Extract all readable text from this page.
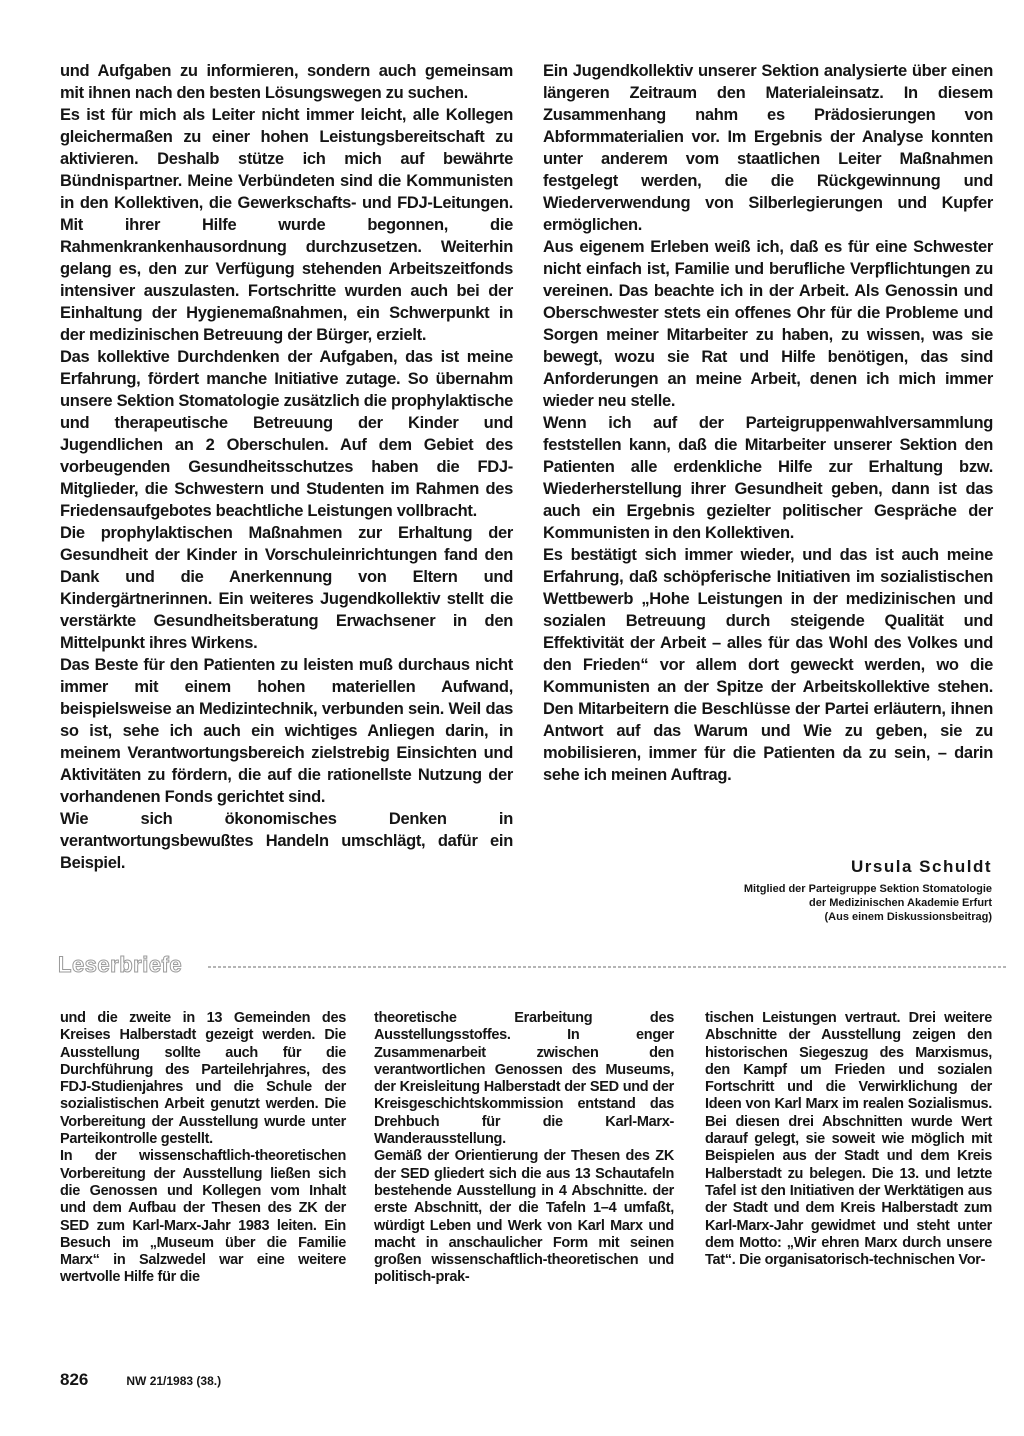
und Aufgaben zu informieren, sondern auch gemeinsam mit ihnen nach den besten Lösungswegen zu suchen.

Es ist für mich als Leiter nicht immer leicht, alle Kollegen gleichermaßen zu einer hohen Leistungsbereitschaft zu aktivieren. Deshalb stütze ich mich auf bewährte Bündnispartner. Meine Verbündeten sind die Kommunisten in den Kollektiven, die Gewerkschafts- und FDJ-Leitungen. Mit ihrer Hilfe wurde begonnen, die Rahmenkrankenhausordnung durchzusetzen. Weiterhin gelang es, den zur Verfügung stehenden Arbeitszeitfonds intensiver auszulasten. Fortschritte wurden auch bei der Einhaltung der Hygienemaßnahmen, ein Schwerpunkt in der medizinischen Betreuung der Bürger, erzielt.

Das kollektive Durchdenken der Aufgaben, das ist meine Erfahrung, fördert manche Initiative zutage. So übernahm unsere Sektion Stomatologie zusätzlich die prophylaktische und therapeutische Betreuung der Kinder und Jugendlichen an 2 Oberschulen. Auf dem Gebiet des vorbeugenden Gesundheitsschutzes haben die FDJ-Mitglieder, die Schwestern und Studenten im Rahmen des Friedensaufgebotes beachtliche Leistungen vollbracht.

Die prophylaktischen Maßnahmen zur Erhaltung der Gesundheit der Kinder in Vorschuleinrichtungen fand den Dank und die Anerkennung von Eltern und Kindergärtnerinnen. Ein weiteres Jugendkollektiv stellt die verstärkte Gesundheitsberatung Erwachsener in den Mittelpunkt ihres Wirkens.

Das Beste für den Patienten zu leisten muß durchaus nicht immer mit einem hohen materiellen Aufwand, beispielsweise an Medizintechnik, verbunden sein. Weil das so ist, sehe ich auch ein wichtiges Anliegen darin, in meinem Verantwortungsbereich zielstrebig Einsichten und Aktivitäten zu fördern, die auf die rationellste Nutzung der vorhandenen Fonds gerichtet sind.

Wie sich ökonomisches Denken in verantwortungsbewußtes Handeln umschlägt, dafür ein Beispiel.

Ein Jugendkollektiv unserer Sektion analysierte über einen längeren Zeitraum den Materialeinsatz. In diesem Zusammenhang nahm es Prädosierungen von Abformmaterialien vor. Im Ergebnis der Analyse konnten unter anderem vom staatlichen Leiter Maßnahmen festgelegt werden, die die Rückgewinnung und Wiederverwendung von Silberlegierungen und Kupfer ermöglichen.

Aus eigenem Erleben weiß ich, daß es für eine Schwester nicht einfach ist, Familie und berufliche Verpflichtungen zu vereinen. Das beachte ich in der Arbeit. Als Genossin und Oberschwester stets ein offenes Ohr für die Probleme und Sorgen meiner Mitarbeiter zu haben, zu wissen, was sie bewegt, wozu sie Rat und Hilfe benötigen, das sind Anforderungen an meine Arbeit, denen ich mich immer wieder neu stelle.

Wenn ich auf der Parteigruppenwahlversammlung feststellen kann, daß die Mitarbeiter unserer Sektion den Patienten alle erdenkliche Hilfe zur Erhaltung bzw. Wiederherstellung ihrer Gesundheit geben, dann ist das auch ein Ergebnis gezielter politischer Gespräche der Kommunisten in den Kollektiven.

Es bestätigt sich immer wieder, und das ist auch meine Erfahrung, daß schöpferische Initiativen im sozialistischen Wettbewerb „Hohe Leistungen in der medizinischen und sozialen Betreuung durch steigende Qualität und Effektivität der Arbeit – alles für das Wohl des Volkes und den Frieden“ vor allem dort geweckt werden, wo die Kommunisten an der Spitze der Arbeitskollektive stehen. Den Mitarbeitern die Beschlüsse der Partei erläutern, ihnen Antwort auf das Warum und Wie zu geben, sie zu mobilisieren, immer für die Patienten da zu sein, – darin sehe ich meinen Auftrag.

Ursula Schuldt
Mitglied der Parteigruppe Sektion Stomatologie
der Medizinischen Akademie Erfurt
(Aus einem Diskussionsbeitrag)
Leserbriefe

und die zweite in 13 Gemeinden des Kreises Halberstadt gezeigt werden. Die Ausstellung sollte auch für die Durchführung des Parteilehrjahres, des FDJ-Studienjahres und die Schule der sozialistischen Arbeit genutzt werden. Die Vorbereitung der Ausstellung wurde unter Parteikontrolle gestellt.

In der wissenschaftlich-theoretischen Vorbereitung der Ausstellung ließen sich die Genossen und Kollegen vom Inhalt und dem Aufbau der Thesen des ZK der SED zum Karl-Marx-Jahr 1983 leiten. Ein Besuch im „Museum über die Familie Marx“ in Salzwedel war eine weitere wertvolle Hilfe für die

theoretische Erarbeitung des Ausstellungsstoffes. In enger Zusammenarbeit zwischen den verantwortlichen Genossen des Museums, der Kreisleitung Halberstadt der SED und der Kreisgeschichtskommission entstand das Drehbuch für die Karl-Marx-Wanderausstellung.

Gemäß der Orientierung der Thesen des ZK der SED gliedert sich die aus 13 Schautafeln bestehende Ausstellung in 4 Abschnitte. der erste Abschnitt, der die Tafeln 1–4 umfaßt, würdigt Leben und Werk von Karl Marx und macht in anschaulicher Form mit seinen großen wissenschaftlich-theoretischen und politisch-prak-

tischen Leistungen vertraut. Drei weitere Abschnitte der Ausstellung zeigen den historischen Siegeszug des Marxismus, den Kampf um Frieden und sozialen Fortschritt und die Verwirklichung der Ideen von Karl Marx im realen Sozialismus. Bei diesen drei Abschnitten wurde Wert darauf gelegt, sie soweit wie möglich mit Beispielen aus der Stadt und dem Kreis Halberstadt zu belegen. Die 13. und letzte Tafel ist den Initiativen der Werktätigen aus der Stadt und dem Kreis Halberstadt zum Karl-Marx-Jahr gewidmet und steht unter dem Motto: „Wir ehren Marx durch unsere Tat“. Die organisatorisch-technischen Vor-

826	NW 21/1983 (38.)
